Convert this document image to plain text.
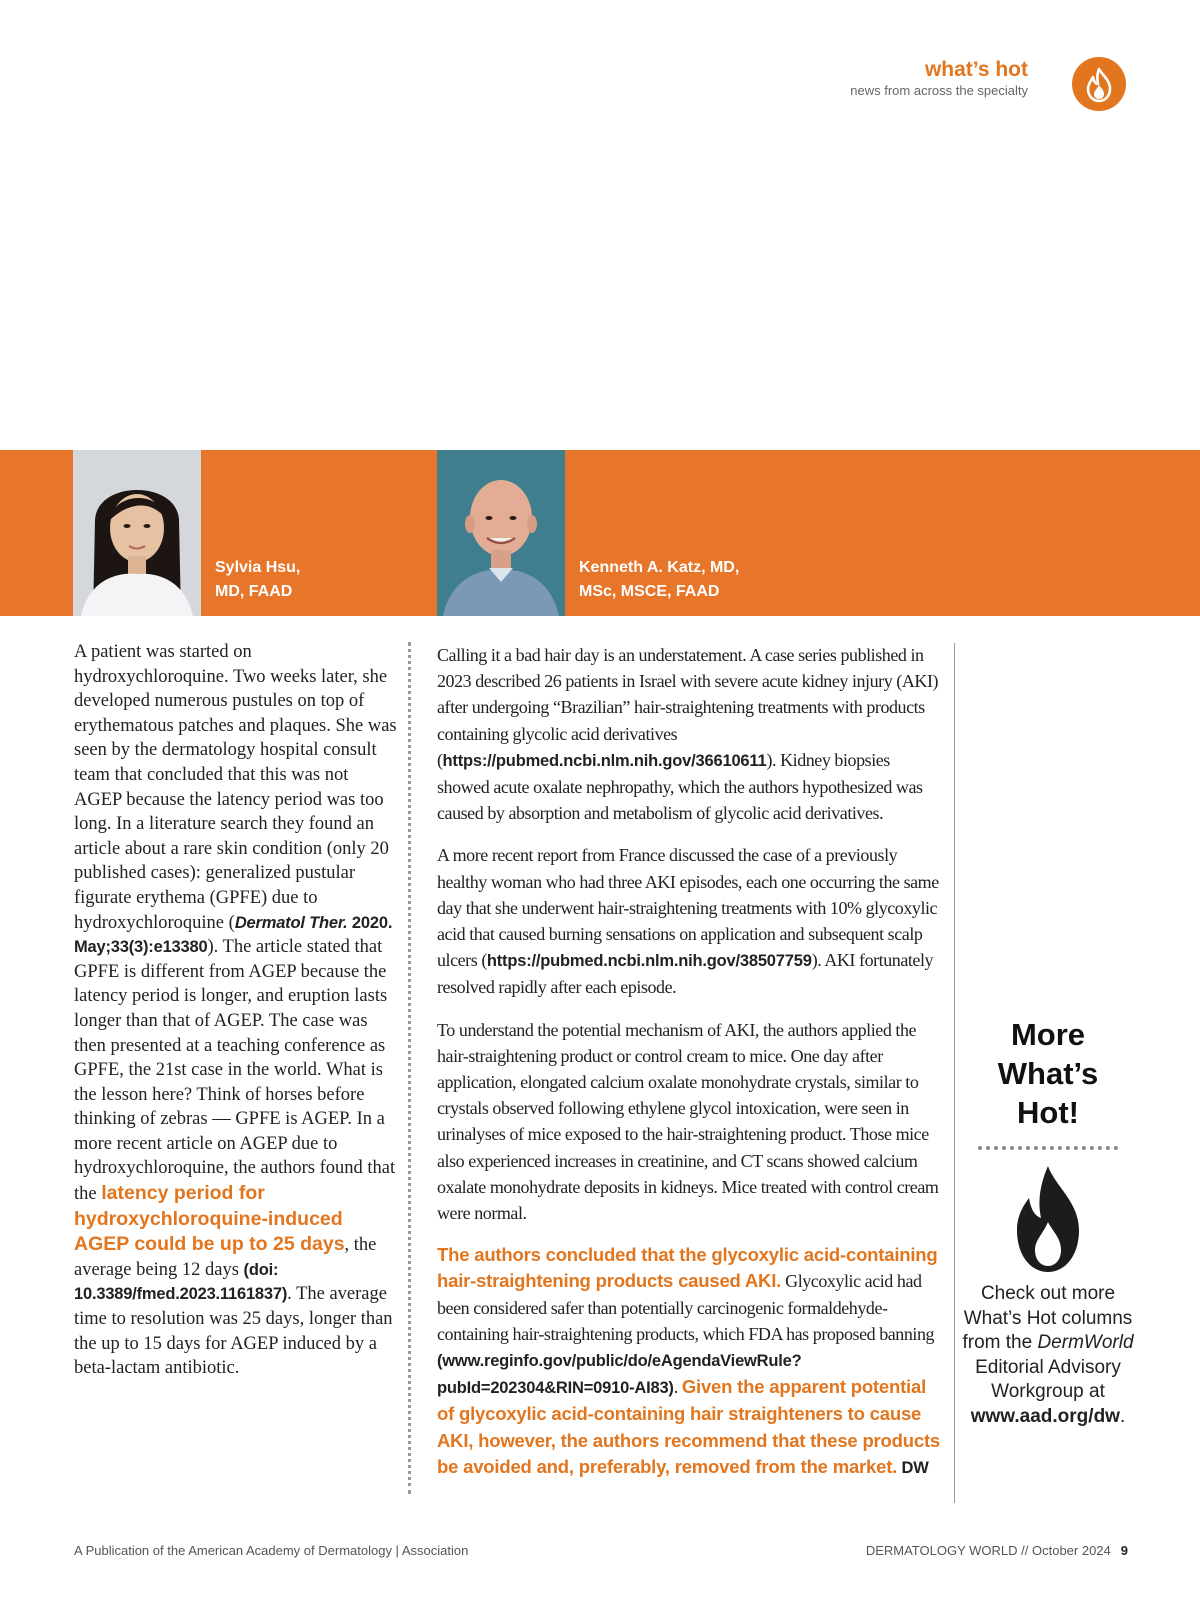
what’s hot
news from across the specialty
Sylvia Hsu,
MD, FAAD
Kenneth A. Katz, MD,
MSc, MSCE, FAAD

A patient was started on hydroxychloroquine. Two weeks later, she developed numerous pustules on top of erythematous patches and plaques. She was seen by the dermatology hospital consult team that concluded that this was not AGEP because the latency period was too long. In a literature search they found an article about a rare skin condition (only 20 published cases): generalized pustular figurate erythema (GPFE) due to hydroxychloroquine (Dermatol Ther. 2020. May;33(3):e13380). The article stated that GPFE is different from AGEP because the latency period is longer, and eruption lasts longer than that of AGEP. The case was then presented at a teaching conference as GPFE, the 21st case in the world. What is the lesson here? Think of horses before thinking of zebras — GPFE is AGEP. In a more recent article on AGEP due to hydroxychloroquine, the authors found that the latency period for hydroxychloroquine-induced AGEP could be up to 25 days, the average being 12 days (doi: 10.3389/fmed.2023.1161837). The average time to resolution was 25 days, longer than the up to 15 days for AGEP induced by a beta-lactam antibiotic.

Calling it a bad hair day is an understatement. A case series published in 2023 described 26 patients in Israel with severe acute kidney injury (AKI) after undergoing “Brazilian” hair-straightening treatments with products containing glycolic acid derivatives (https://pubmed.ncbi.nlm.nih.gov/36610611). Kidney biopsies showed acute oxalate nephropathy, which the authors hypothesized was caused by absorption and metabolism of glycolic acid derivatives.

A more recent report from France discussed the case of a previously healthy woman who had three AKI episodes, each one occurring the same day that she underwent hair-straightening treatments with 10% glycoxylic acid that caused burning sensations on application and subsequent scalp ulcers (https://pubmed.ncbi.nlm.nih.gov/38507759). AKI fortunately resolved rapidly after each episode.

To understand the potential mechanism of AKI, the authors applied the hair-straightening product or control cream to mice. One day after application, elongated calcium oxalate monohydrate crystals, similar to crystals observed following ethylene glycol intoxication, were seen in urinalyses of mice exposed to the hair-straightening product. Those mice also experienced increases in creatinine, and CT scans showed calcium oxalate monohydrate deposits in kidneys. Mice treated with control cream were normal.

The authors concluded that the glycoxylic acid-containing hair-straightening products caused AKI. Glycoxylic acid had been considered safer than potentially carcinogenic formaldehyde-containing hair-straightening products, which FDA has proposed banning (www.reginfo.gov/public/do/eAgendaViewRule?pubId=202304&RIN=0910-AI83). Given the apparent potential of glycoxylic acid-containing hair straighteners to cause AKI, however, the authors recommend that these products be avoided and, preferably, removed from the market. DW

More
What’s
Hot!
Check out more What’s Hot columns from the DermWorld Editorial Advisory Workgroup at www.aad.org/dw.
A Publication of the American Academy of Dermatology | Association	DERMATOLOGY WORLD // October 2024 9
